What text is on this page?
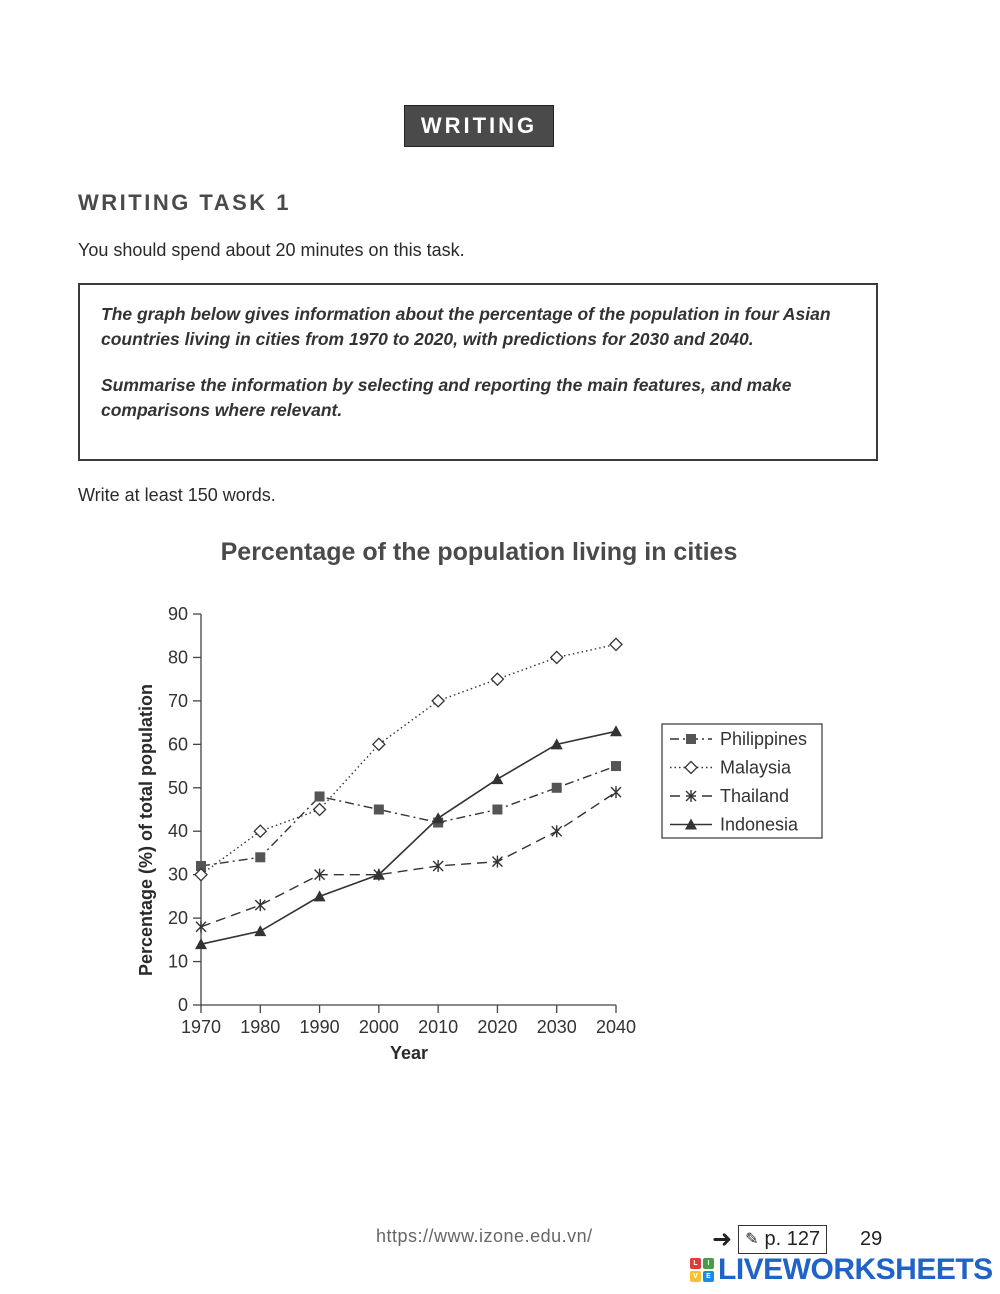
WRITING
WRITING TASK 1
You should spend about 20 minutes on this task.

The graph below gives information about the percentage of the population in four Asian countries living in cities from 1970 to 2020, with predictions for 2030 and 2040.

Summarise the information by selecting and reporting the main features, and make comparisons where relevant.

Write at least 150 words.
Percentage of the population living in cities
Percentage (%) of total population
Year
0
10
20
30
40
50
60
70
80
90
1970 1980 1990 2000 2010 2020 2030 2040
Philippines
Malaysia
Thailand
Indonesia
https://www.izone.edu.vn/	➜ ✎ p. 127 29
L	I
V	E LIVEWORKSHEETS
